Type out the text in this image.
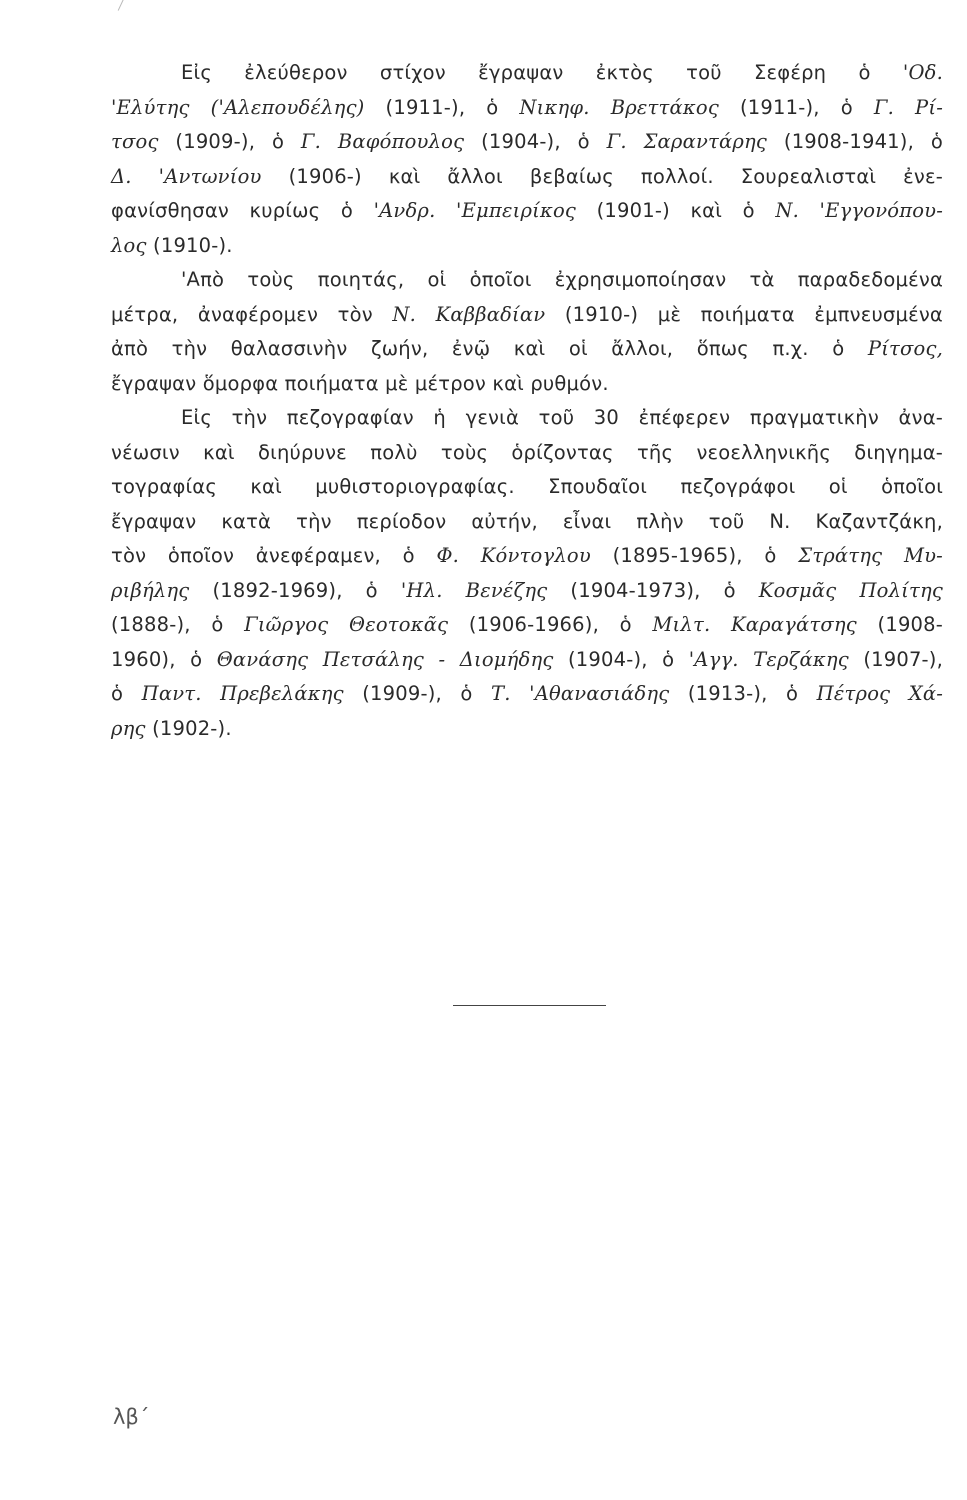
Εἰς ἐλεύθερον στίχον ἔγραψαν ἐκτὸς τοῦ Σεφέρη ὁ 'Οδ.
'Ελύτης ('Αλεπουδέλης) (1911-), ὁ Νικηφ. Βρεττάκος (1911-), ὁ Γ. Ρί-
τσος (1909-), ὁ Γ. Βαφόπουλος (1904-), ὁ Γ. Σαραντάρης (1908-1941), ὁ
Δ. 'Αντωνίου (1906-) καὶ ἄλλοι βεβαίως πολλοί. Σουρεαλισταὶ ἐνε-
φανίσθησαν κυρίως ὁ 'Ανδρ. 'Εμπειρίκος (1901-) καὶ ὁ Ν. 'Εγγονόπου-
λος (1910-).
'Απὸ τοὺς ποιητάς, οἱ ὁποῖοι ἐχρησιμοποίησαν τὰ παραδεδομένα
μέτρα, ἀναφέρομεν τὸν Ν. Καββαδίαν (1910-) μὲ ποιήματα ἐμπνευσμένα
ἀπὸ τὴν θαλασσινὴν ζωήν, ἐνῷ καὶ οἱ ἄλλοι, ὅπως π.χ. ὁ Ρίτσος,
ἔγραψαν ὅμορφα ποιήματα μὲ μέτρον καὶ ρυθμόν.
Εἰς τὴν πεζογραφίαν ἡ γενιὰ τοῦ 30 ἐπέφερεν πραγματικὴν ἀνα-
νέωσιν καὶ διηύρυνε πολὺ τοὺς ὁρίζοντας τῆς νεοελληνικῆς διηγημα-
τογραφίας καὶ μυθιστοριογραφίας. Σπουδαῖοι πεζογράφοι οἱ ὁποῖοι
ἔγραψαν κατὰ τὴν περίοδον αὐτήν, εἶναι πλὴν τοῦ Ν. Καζαντζάκη,
τὸν ὁποῖον ἀνεφέραμεν, ὁ Φ. Κόντογλου (1895-1965), ὁ Στράτης Μυ-
ριβήλης (1892-1969), ὁ 'Ηλ. Βενέζης (1904-1973), ὁ Κοσμᾶς Πολίτης
(1888-), ὁ Γιῶργος Θεοτοκᾶς (1906-1966), ὁ Μιλτ. Καραγάτσης (1908-
1960), ὁ Θανάσης Πετσάλης - Διομήδης (1904-), ὁ 'Αγγ. Τερζάκης (1907-),
ὁ Παντ. Πρεβελάκης (1909-), ὁ Τ. 'Αθανασιάδης (1913-), ὁ Πέτρος Χά-
ρης (1902-).
λβ΄
